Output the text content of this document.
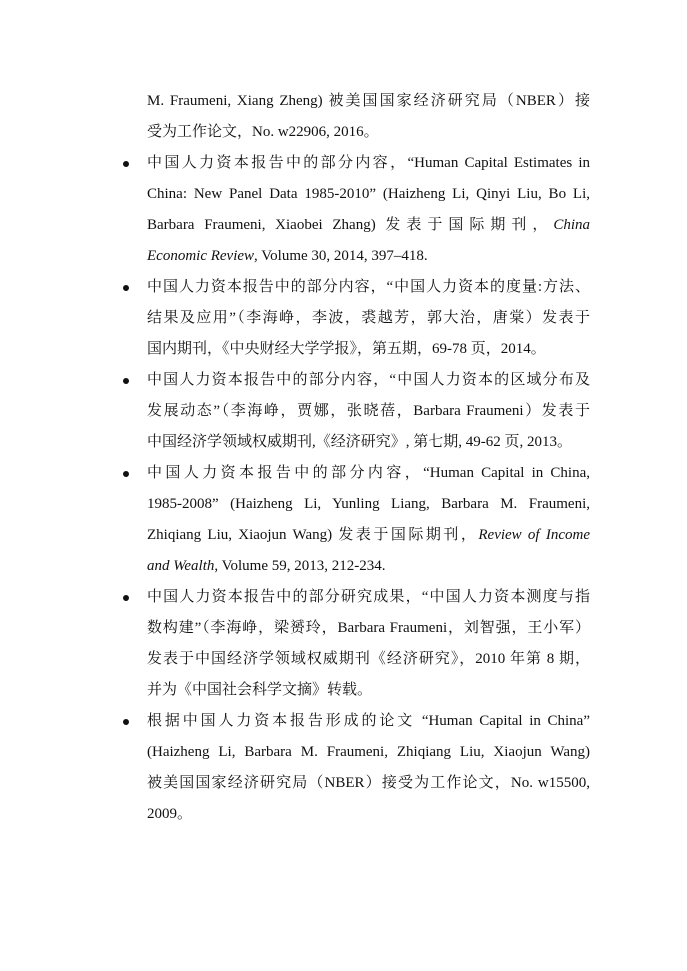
M. Fraumeni, Xiang Zheng) 被美国国家经济研究局（NBER）接
受为工作论文，No. w22906, 2016。
中国人力资本报告中的部分内容，“Human Capital Estimates in
China: New Panel Data 1985-2010” (Haizheng Li, Qinyi Liu, Bo Li,
Barbara Fraumeni, Xiaobei Zhang) 发表于国际期刊，China
Economic Review, Volume 30, 2014, 397–418.
中国人力资本报告中的部分内容，“中国人力资本的度量:方法、
结果及应用”（李海峥，李波，裘越芳，郭大治，唐棠）发表于
国内期刊，《中央财经大学学报》，第五期，69-78 页，2014。
中国人力资本报告中的部分内容，“中国人力资本的区域分布及
发展动态”（李海峥，贾娜，张晓蓓，Barbara Fraumeni）发表于
中国经济学领域权威期刊,《经济研究》, 第七期, 49-62 页, 2013。
中国人力资本报告中的部分内容，“Human Capital in China,
1985-2008” (Haizheng Li, Yunling Liang, Barbara M. Fraumeni,
Zhiqiang Liu, Xiaojun Wang) 发表于国际期刊，Review of Income
and Wealth, Volume 59, 2013, 212-234.
中国人力资本报告中的部分研究成果，“中国人力资本测度与指
数构建”（李海峥，梁赟玲，Barbara Fraumeni，刘智强，王小军）
发表于中国经济学领域权威期刊《经济研究》，2010 年第 8 期，
并为《中国社会科学文摘》转载。
根据中国人力资本报告形成的论文 “Human Capital in China”
(Haizheng Li, Barbara M. Fraumeni, Zhiqiang Liu, Xiaojun Wang)
被美国国家经济研究局（NBER）接受为工作论文，No. w15500,
2009。
